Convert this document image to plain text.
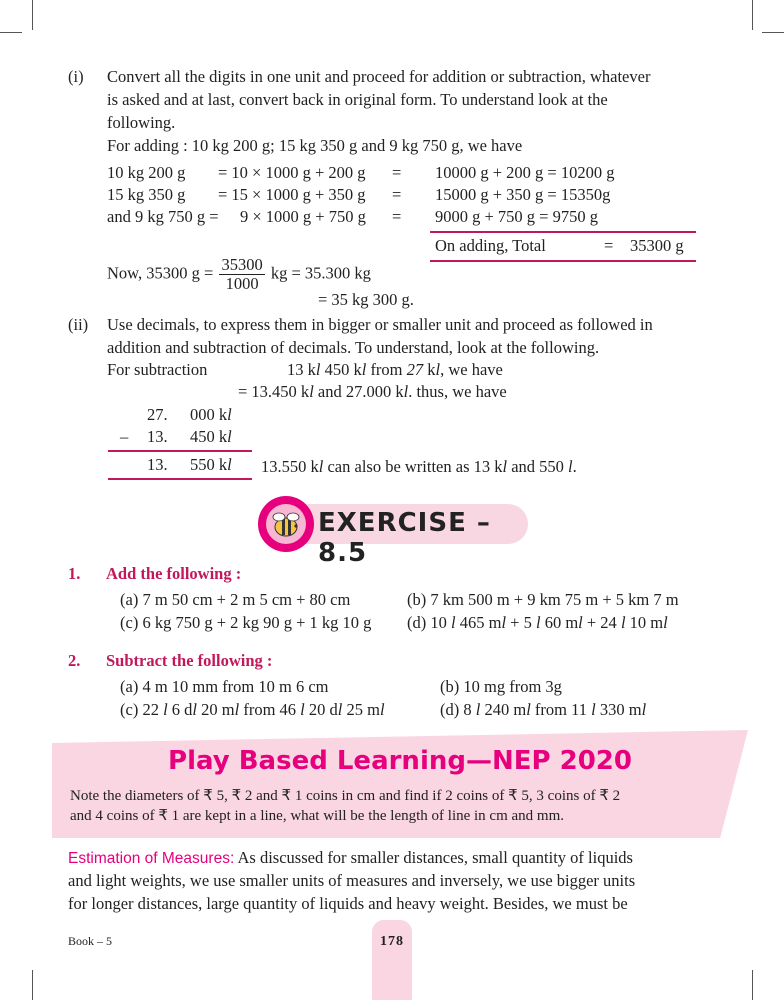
(i) Convert all the digits in one unit and proceed for addition or subtraction, whatever
is asked and at last, convert back in original form. To understand look at the
following.
For adding : 10 kg 200 g; 15 kg 350 g and 9 kg 750 g, we have
10 kg 200 g = 10 × 1000 g + 200 g = 10000 g + 200 g = 10200 g
15 kg 350 g = 15 × 1000 g + 350 g = 15000 g + 350 g = 15350g
and 9 kg 750 g = 9 × 1000 g + 750 g = 9000 g + 750 g = 9750 g
On adding, Total	= 35300 g
Now, 35300 $g = \frac{35300}{1000}$ kg = 35.300 kg
= 35 kg 300 g.
(ii) Use decimals, to express them in bigger or smaller unit and proceed as followed in
addition and subtraction of decimals. To understand, look at the following.
For subtraction	13 kl 450 kl from 27 kl, we have
= 13.450 kl and 27.000 kl. thus, we have
27. 000 kl
– 13. 450 kl
13. 550 kl 13.550 kl can also be written as 13 kl and 550 l.
EXERCISE – 8.5
1. Add the following :
(a) 7 m 50 cm + 2 m 5 cm + 80 cm	(b) 7 km 500 m + 9 km 75 m + 5 km 7 m
(c) 6 kg 750 g + 2 kg 90 g + 1 kg 10 g (d) 10 l 465 ml + 5 l 60 ml + 24 l 10 ml
2. Subtract the following :
(a) 4 m 10 mm from 10 m 6 cm	(b) 10 mg from 3g
(c) 22 l 6 dl 20 ml from 46 l 20 dl 25 ml	(d) 8 l 240 ml from 11 l 330 ml
Play Based Learning—NEP 2020
Note the diameters of ₹ 5, ₹ 2 and ₹ 1 coins in cm and find if 2 coins of ₹ 5, 3 coins of ₹ 2
and 4 coins of ₹ 1 are kept in a line, what will be the length of line in cm and mm.
Estimation of Measures: As discussed for smaller distances, small quantity of liquids
and light weights, we use smaller units of measures and inversely, we use bigger units
for longer distances, large quantity of liquids and heavy weight. Besides, we must be
Book – 5	178
